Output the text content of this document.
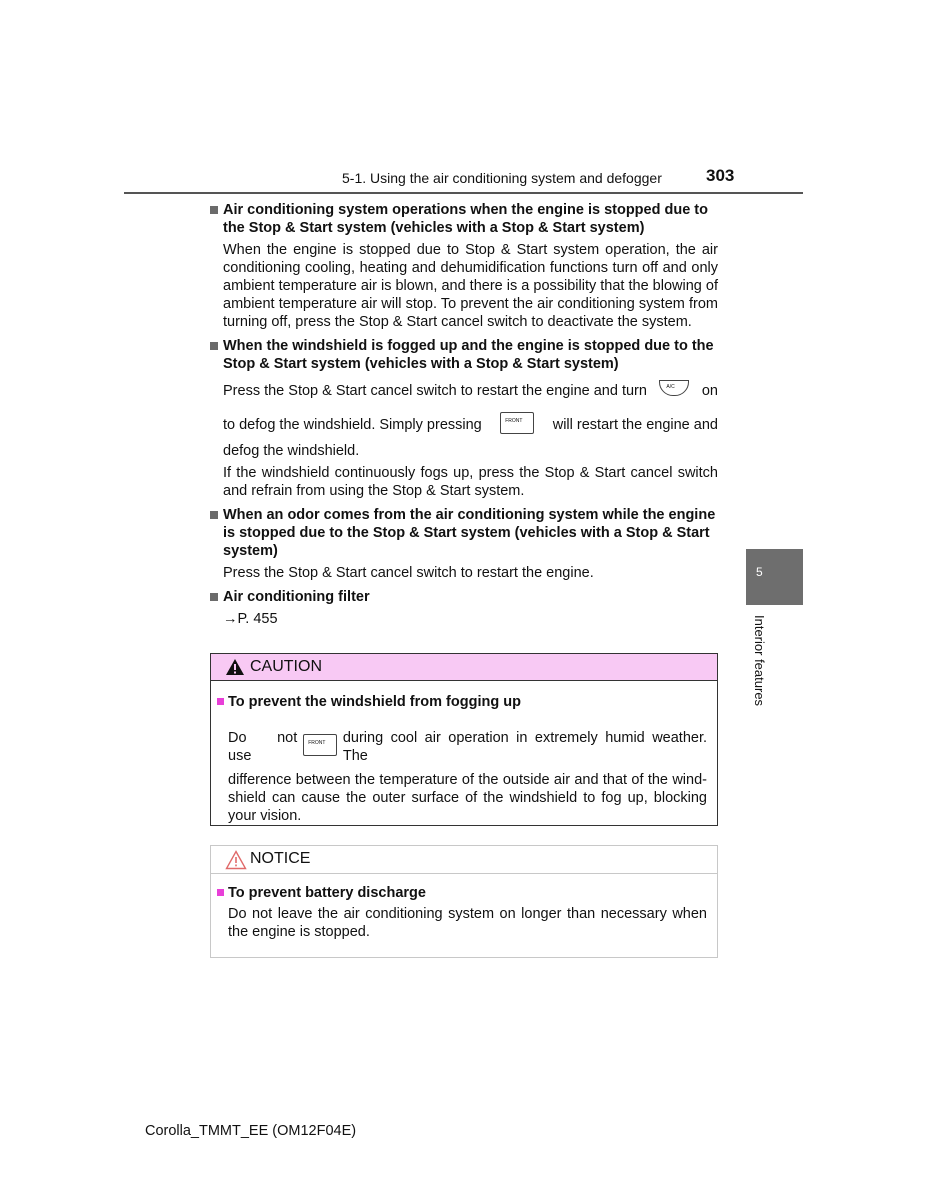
5-1. Using the air conditioning system and defogger	303
Air conditioning system operations when the engine is stopped due to the Stop & Start system (vehicles with a Stop & Start system)
When the engine is stopped due to Stop & Start system operation, the air conditioning cooling, heating and dehumidification functions turn off and only ambient temperature air is blown, and there is a possibility that the blowing of ambient temperature air will stop. To prevent the air conditioning system from turning off, press the Stop & Start cancel switch to deactivate the system.
When the windshield is fogged up and the engine is stopped due to the Stop & Start system (vehicles with a Stop & Start system)
Press the Stop & Start cancel switch to restart the engine and turn	A/C on
to defog the windshield. Simply pressing	FRONT will restart the engine and
defog the windshield.
If the windshield continuously fogs up, press the Stop & Start cancel switch and refrain from using the Stop & Start system.
When an odor comes from the air conditioning system while the engine is stopped due to the Stop & Start system (vehicles with a Stop & Start system)
Press the Stop & Start cancel switch to restart the engine.
Air conditioning filter
→P. 455
CAUTION
To prevent the windshield from fogging up
Do not use
FRONT during cool air operation in extremely humid weather. The
difference between the temperature of the outside air and that of the wind-shield can cause the outer surface of the windshield to fog up, blocking your vision.
NOTICE
To prevent battery discharge
Do not leave the air conditioning system on longer than necessary when the engine is stopped.
5
Interior features
Corolla_TMMT_EE (OM12F04E)
